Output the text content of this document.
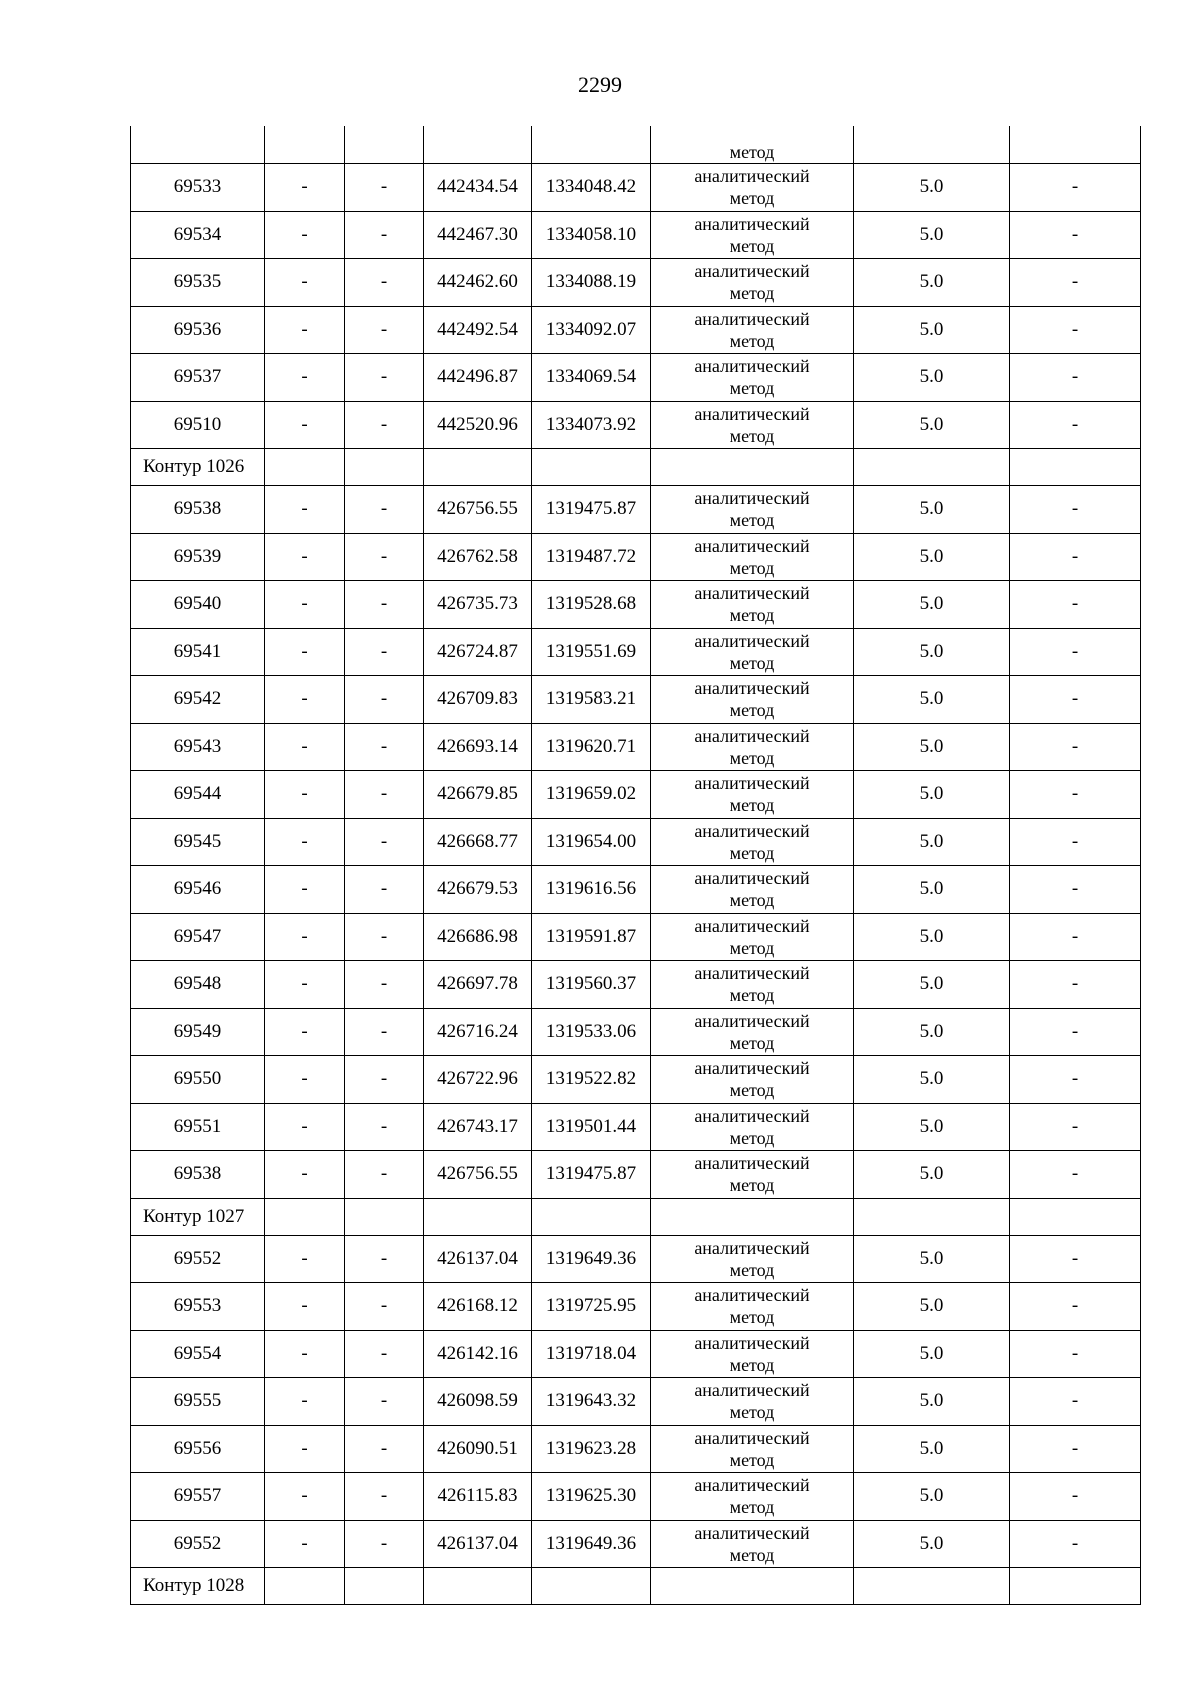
2299

					метод		

69533	-	-	442434.54	1334048.42	аналитический
метод	5.0	-
69534	-	-	442467.30	1334058.10	аналитический
метод	5.0	-
69535	-	-	442462.60	1334088.19	аналитический
метод	5.0	-
69536	-	-	442492.54	1334092.07	аналитический
метод	5.0	-
69537	-	-	442496.87	1334069.54	аналитический
метод	5.0	-
69510	-	-	442520.96	1334073.92	аналитический
метод	5.0	-
Контур 1026							
69538	-	-	426756.55	1319475.87	аналитический
метод	5.0	-
69539	-	-	426762.58	1319487.72	аналитический
метод	5.0	-
69540	-	-	426735.73	1319528.68	аналитический
метод	5.0	-
69541	-	-	426724.87	1319551.69	аналитический
метод	5.0	-
69542	-	-	426709.83	1319583.21	аналитический
метод	5.0	-
69543	-	-	426693.14	1319620.71	аналитический
метод	5.0	-
69544	-	-	426679.85	1319659.02	аналитический
метод	5.0	-
69545	-	-	426668.77	1319654.00	аналитический
метод	5.0	-
69546	-	-	426679.53	1319616.56	аналитический
метод	5.0	-
69547	-	-	426686.98	1319591.87	аналитический
метод	5.0	-
69548	-	-	426697.78	1319560.37	аналитический
метод	5.0	-
69549	-	-	426716.24	1319533.06	аналитический
метод	5.0	-
69550	-	-	426722.96	1319522.82	аналитический
метод	5.0	-
69551	-	-	426743.17	1319501.44	аналитический
метод	5.0	-
69538	-	-	426756.55	1319475.87	аналитический
метод	5.0	-
Контур 1027							
69552	-	-	426137.04	1319649.36	аналитический
метод	5.0	-
69553	-	-	426168.12	1319725.95	аналитический
метод	5.0	-
69554	-	-	426142.16	1319718.04	аналитический
метод	5.0	-
69555	-	-	426098.59	1319643.32	аналитический
метод	5.0	-
69556	-	-	426090.51	1319623.28	аналитический
метод	5.0	-
69557	-	-	426115.83	1319625.30	аналитический
метод	5.0	-
69552	-	-	426137.04	1319649.36	аналитический
метод	5.0	-
Контур 1028							
